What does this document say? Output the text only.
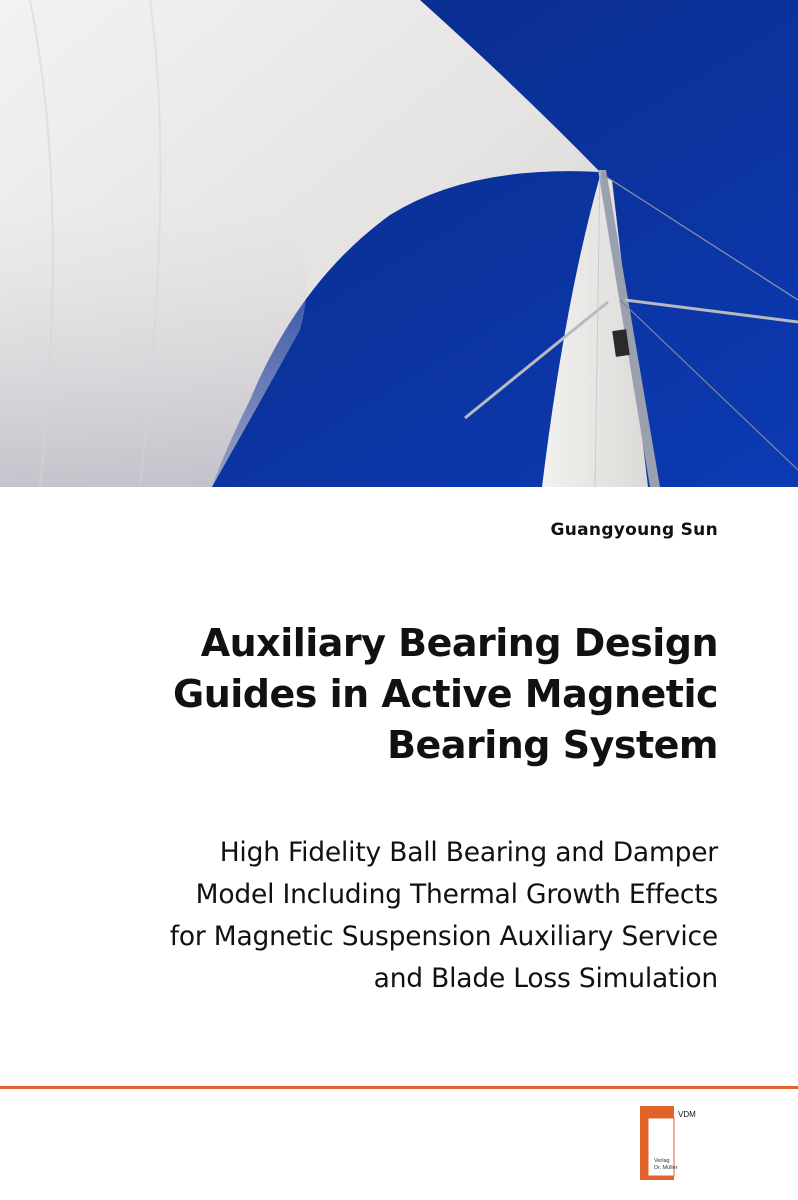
Guangyoung Sun
Auxiliary Bearing Design
Guides in Active Magnetic
Bearing System
High Fidelity Ball Bearing and Damper
Model Including Thermal Growth Effects
for Magnetic Suspension Auxiliary Service
and Blade Loss Simulation
VDM
Verlag
Dr. Müller
